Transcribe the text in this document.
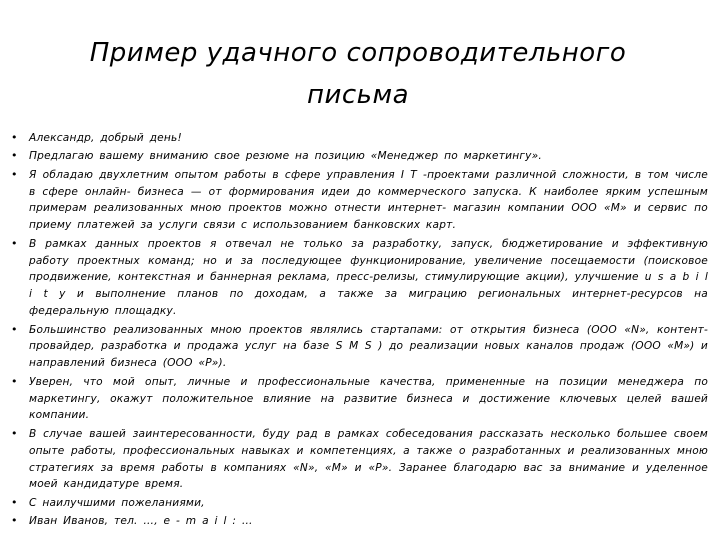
Пример удачного сопроводительного
письма
• Александр, добрый день!
• Предлагаю вашему вниманию свое резюме на позицию «Менеджер по маркетингу».
• Я обладаю двухлетним опытом работы в сфере управления I T -проектами различной сложности, в том числе в сфере онлайн- бизнеса — от формирования идеи до коммерческого запуска. К наиболее ярким успешным примерам реализованных мною проектов можно отнести интернет- магазин компании ООО «M» и сервис по приему платежей за услуги связи с использованием банковских карт.
• В рамках данных проектов я отвечал не только за разработку, запуск, бюджетирование и эффективную работу проектных команд; но и за последующее функционирование, увеличение посещаемости (поисковое продвижение, контекстная и баннерная реклама, пресс-релизы, стимулирующие акции), улучшение u s a b i l i t y и выполнение планов по доходам, а также за миграцию региональных интернет-ресурсов на федеральную площадку.
• Большинство реализованных мною проектов являлись стартапами: от открытия бизнеса (ООО «N», контент-провайдер, разработка и продажа услуг на базе S M S ) до реализации новых каналов продаж (ООО «M») и направлений бизнеса (ООО «P»).
• Уверен, что мой опыт, личные и профессиональные качества, примененные на позиции менеджера по маркетингу, окажут положительное влияние на развитие бизнеса и достижение ключевых целей вашей компании.
• В случае вашей заинтересованности, буду рад в рамках собеседования рассказать несколько большее своем опыте работы, профессиональных навыках и компетенциях, а также о разработанных и реализованных мною стратегиях за время работы в компаниях «N», «M» и «P». Заранее благодарю вас за внимание и уделенное моей кандидатуре время.
• С наилучшими пожеланиями,
• Иван Иванов, тел. …, e - m a i l : …
